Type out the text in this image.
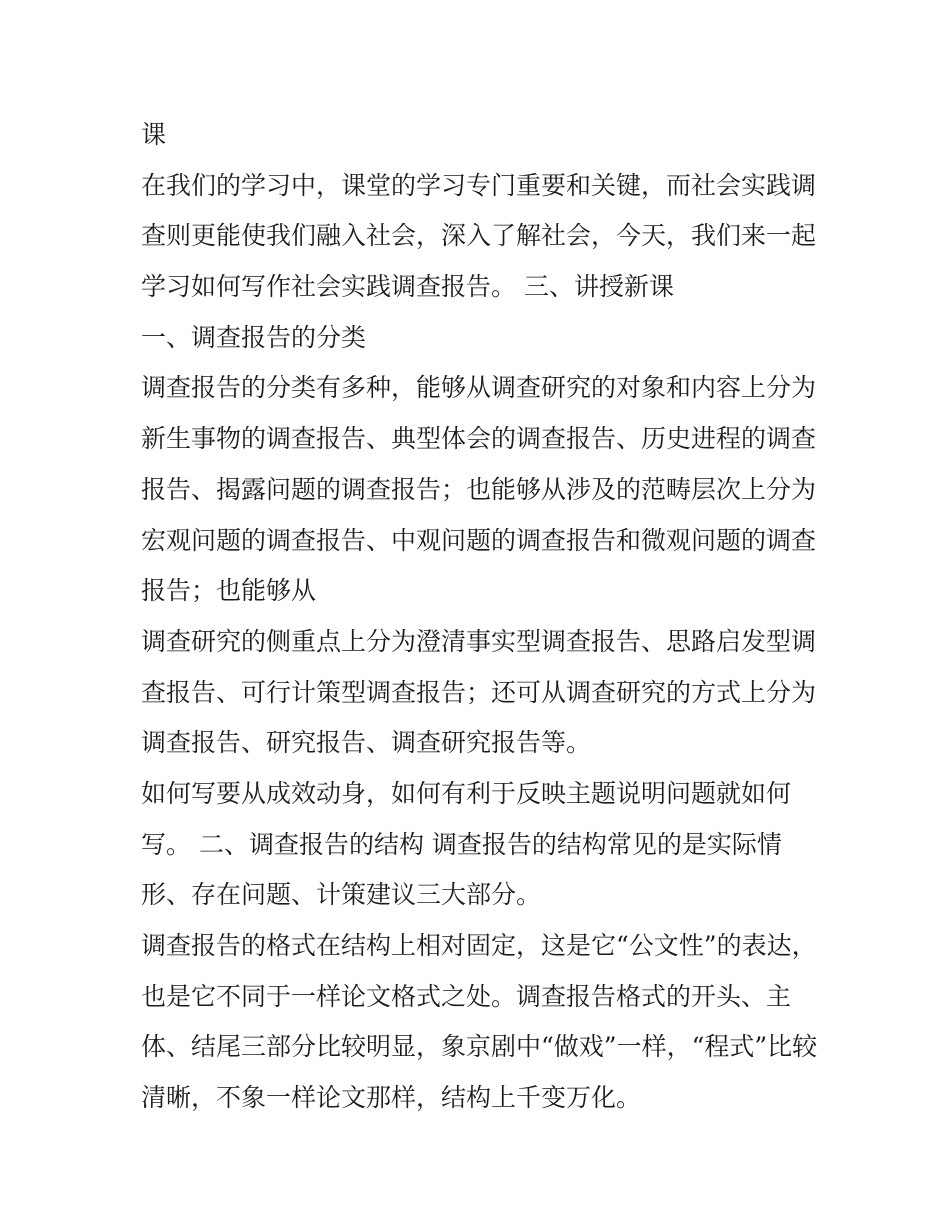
课
在我们的学习中，课堂的学习专门重要和关键，而社会实践调
查则更能使我们融入社会，深入了解社会，今天，我们来一起
学习如何写作社会实践调查报告。 三、讲授新课
一、调查报告的分类
调查报告的分类有多种，能够从调查研究的对象和内容上分为
新生事物的调查报告、典型体会的调查报告、历史进程的调查
报告、揭露问题的调查报告；也能够从涉及的范畴层次上分为
宏观问题的调查报告、中观问题的调查报告和微观问题的调查
报告；也能够从
调查研究的侧重点上分为澄清事实型调查报告、思路启发型调
查报告、可行计策型调查报告；还可从调查研究的方式上分为
调查报告、研究报告、调查研究报告等。
如何写要从成效动身，如何有利于反映主题说明问题就如何
写。 二、调查报告的结构 调查报告的结构常见的是实际情
形、存在问题、计策建议三大部分。
调查报告的格式在结构上相对固定，这是它“公文性”的表达，
也是它不同于一样论文格式之处。调查报告格式的开头、主
体、结尾三部分比较明显，象京剧中“做戏”一样，“程式”比较
清晰，不象一样论文那样，结构上千变万化。
